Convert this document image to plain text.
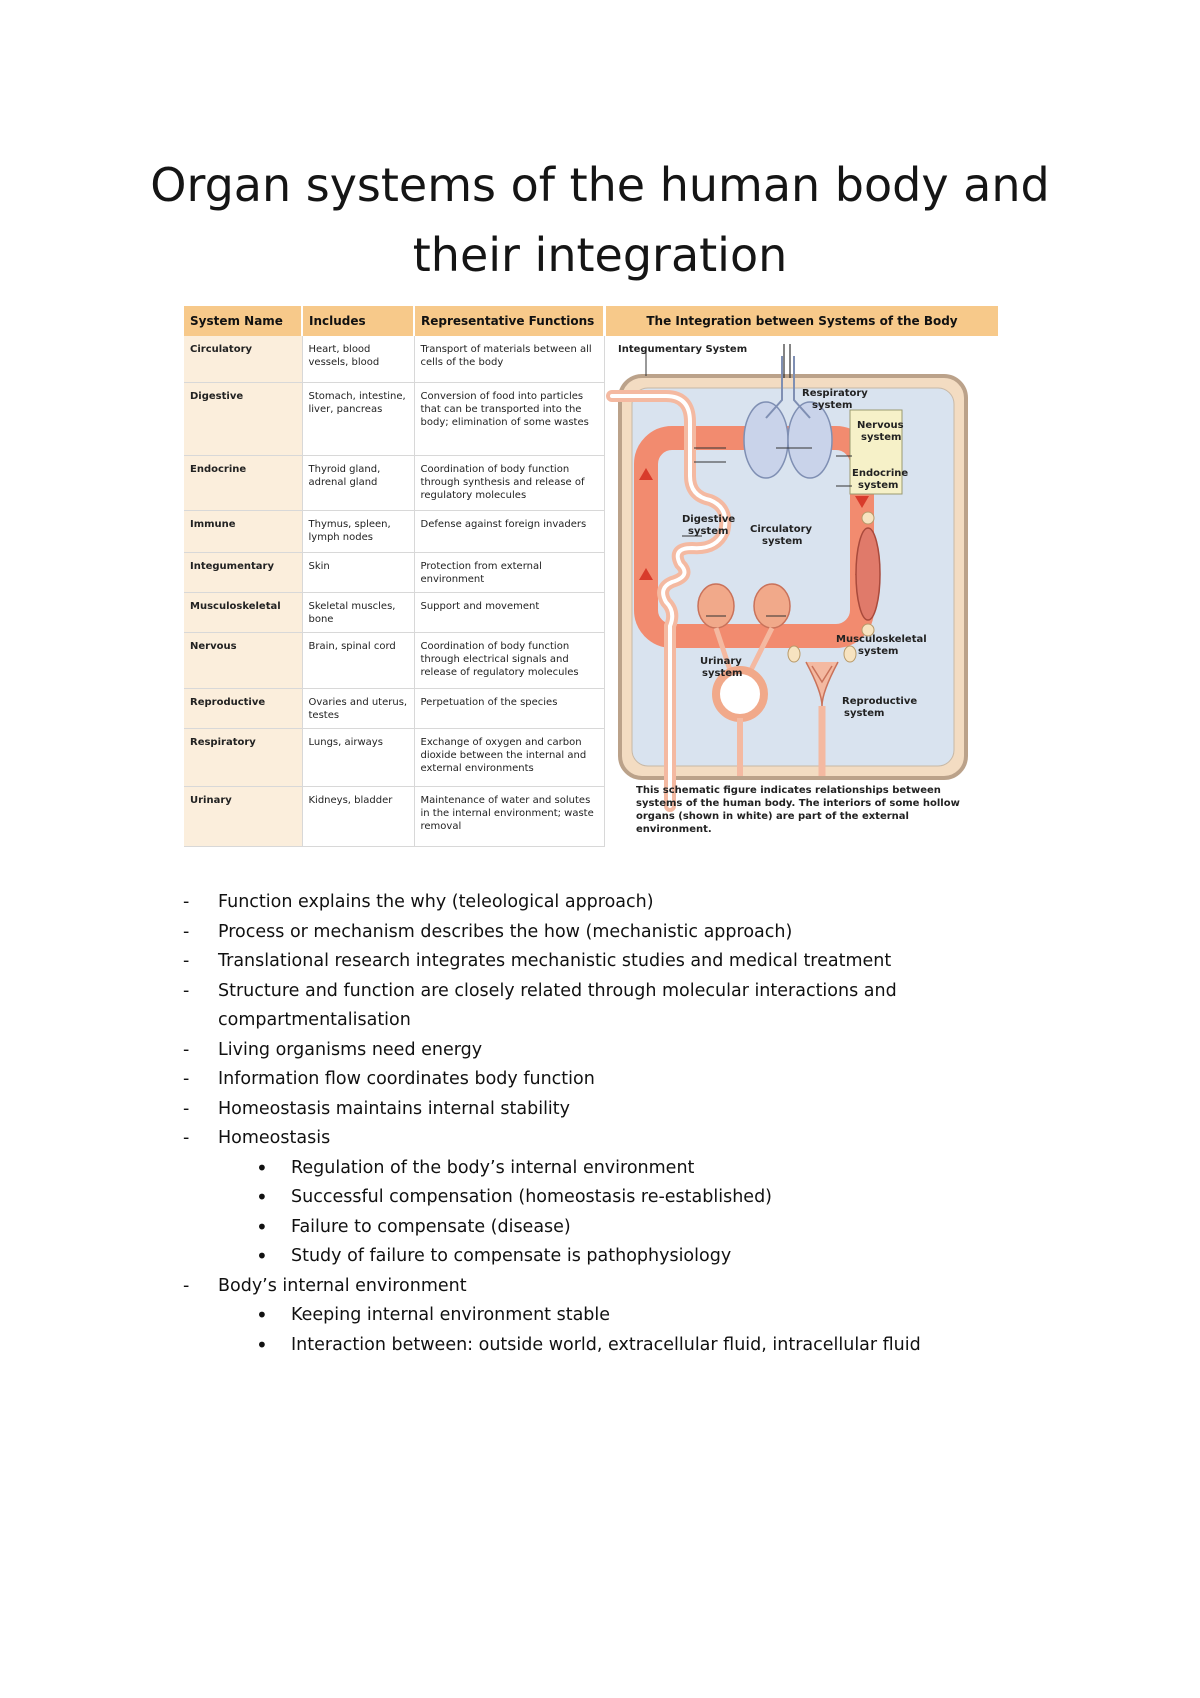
Organ systems of the human body and
their integration
System Name	Includes	Representative Functions
Circulatory	Heart, blood vessels, blood	Transport of materials between all cells of the body
Digestive	Stomach, intestine, liver, pancreas	Conversion of food into particles that can be transported into the body; elimination of some wastes
Endocrine	Thyroid gland, adrenal gland	Coordination of body function through synthesis and release of regulatory molecules
Immune	Thymus, spleen, lymph nodes	Defense against foreign invaders
Integumentary	Skin	Protection from external environment
Musculoskeletal	Skeletal muscles, bone	Support and movement
Nervous	Brain, spinal cord	Coordination of body function through electrical signals and release of regulatory molecules
Reproductive	Ovaries and uterus, testes	Perpetuation of the species
Respiratory	Lungs, airways	Exchange of oxygen and carbon dioxide between the internal and external environments
Urinary	Kidneys, bladder	Maintenance of water and solutes in the internal environment; waste removal
The Integration between Systems of the Body
Integumentary System
Respiratory
system
Nervous
system
Endocrine
system
Digestive
system Circulatory
system
Musculoskeletal
system
Urinary
system
Reproductive
system
This schematic figure indicates relationships between systems of the human body. The interiors of some hollow organs (shown in white) are part of the external environment.
- Function explains the why (teleological approach)
- Process or mechanism describes the how (mechanistic approach)
- Translational research integrates mechanistic studies and medical treatment
- Structure and function are closely related through molecular interactions and
compartmentalisation
- Living organisms need energy
- Information flow coordinates body function
- Homeostasis maintains internal stability
- Homeostasis
• Regulation of the body’s internal environment
• Successful compensation (homeostasis re-established)
• Failure to compensate (disease)
• Study of failure to compensate is pathophysiology
- Body’s internal environment
• Keeping internal environment stable
• Interaction between: outside world, extracellular fluid, intracellular fluid
